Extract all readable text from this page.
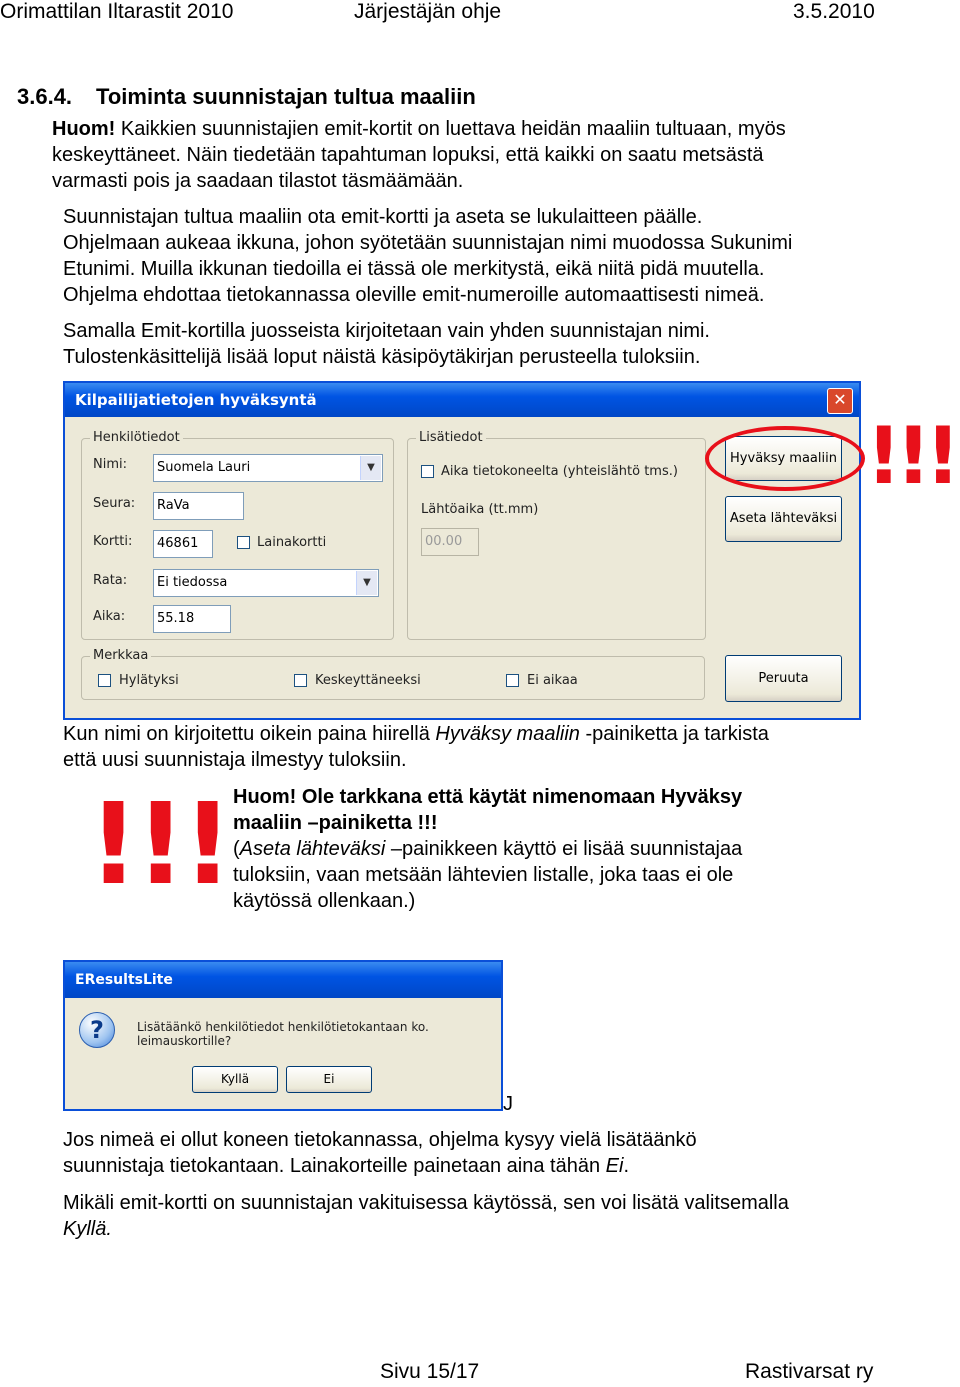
Orimattilan Iltarastit 2010	Järjestäjän ohje	3.5.2010
3.6.4. Toiminta suunnistajan tultua maaliin

Huom! Kaikkien suunnistajien emit-kortit on luettava heidän maaliin tultuaan, myös

keskeyttäneet. Näin tiedetään tapahtuman lopuksi, että kaikki on saatu metsästä

varmasti pois ja saadaan tilastot täsmäämään.

Suunnistajan tultua maaliin ota emit-kortti ja aseta se lukulaitteen päälle.

Ohjelmaan aukeaa ikkuna, johon syötetään suunnistajan nimi muodossa Sukunimi

Etunimi. Muilla ikkunan tiedoilla ei tässä ole merkitystä, eikä niitä pidä muutella.

Ohjelma ehdottaa tietokannassa oleville emit-numeroille automaattisesti nimeä.

Samalla Emit-kortilla juosseista kirjoitetaan vain yhden suunnistajan nimi.

Tulostenkäsittelijä lisää loput näistä käsipöytäkirjan perusteella tuloksiin.

Kilpailijatietojen hyväksyntä	✕
Henkilötiedot
Nimi:	Suomela Lauri	▼
Seura:	RaVa
Kortti:	46861	Lainakortti
Rata:	Ei tiedossa	▼
Aika:	55.18
Lisätiedot
Aika tietokoneelta (yhteislähtö tms.)
Lähtöaika (tt.mm)
00.00
Hyväksy maaliin
Aseta lähteväksi
Merkkaa
Hylätyksi	Keskeyttäneeksi	Ei aikaa	Peruuta
!!!

Kun nimi on kirjoitettu oikein paina hiirellä Hyväksy maaliin -painiketta ja tarkista

että uusi suunnistaja ilmestyy tuloksiin.

!!! Huom! Ole tarkkana että käytät nimenomaan Hyväksy

maaliin –painiketta !!!

(Aseta lähteväksi –painikkeen käyttö ei lisää suunnistajaa

tuloksiin, vaan metsään lähtevien listalle, joka taas ei ole

käytössä ollenkaan.)

EResultsLite
?	Lisätäänkö henkilötiedot henkilötietokantaan ko. leimauskortille?
Kyllä	Ei
J

Jos nimeä ei ollut koneen tietokannassa, ohjelma kysyy vielä lisätäänkö

suunnistaja tietokantaan. Lainakorteille painetaan aina tähän Ei.

Mikäli emit-kortti on suunnistajan vakituisessa käytössä, sen voi lisätä valitsemalla

Kyllä.

Sivu 15/17	Rastivarsat ry
